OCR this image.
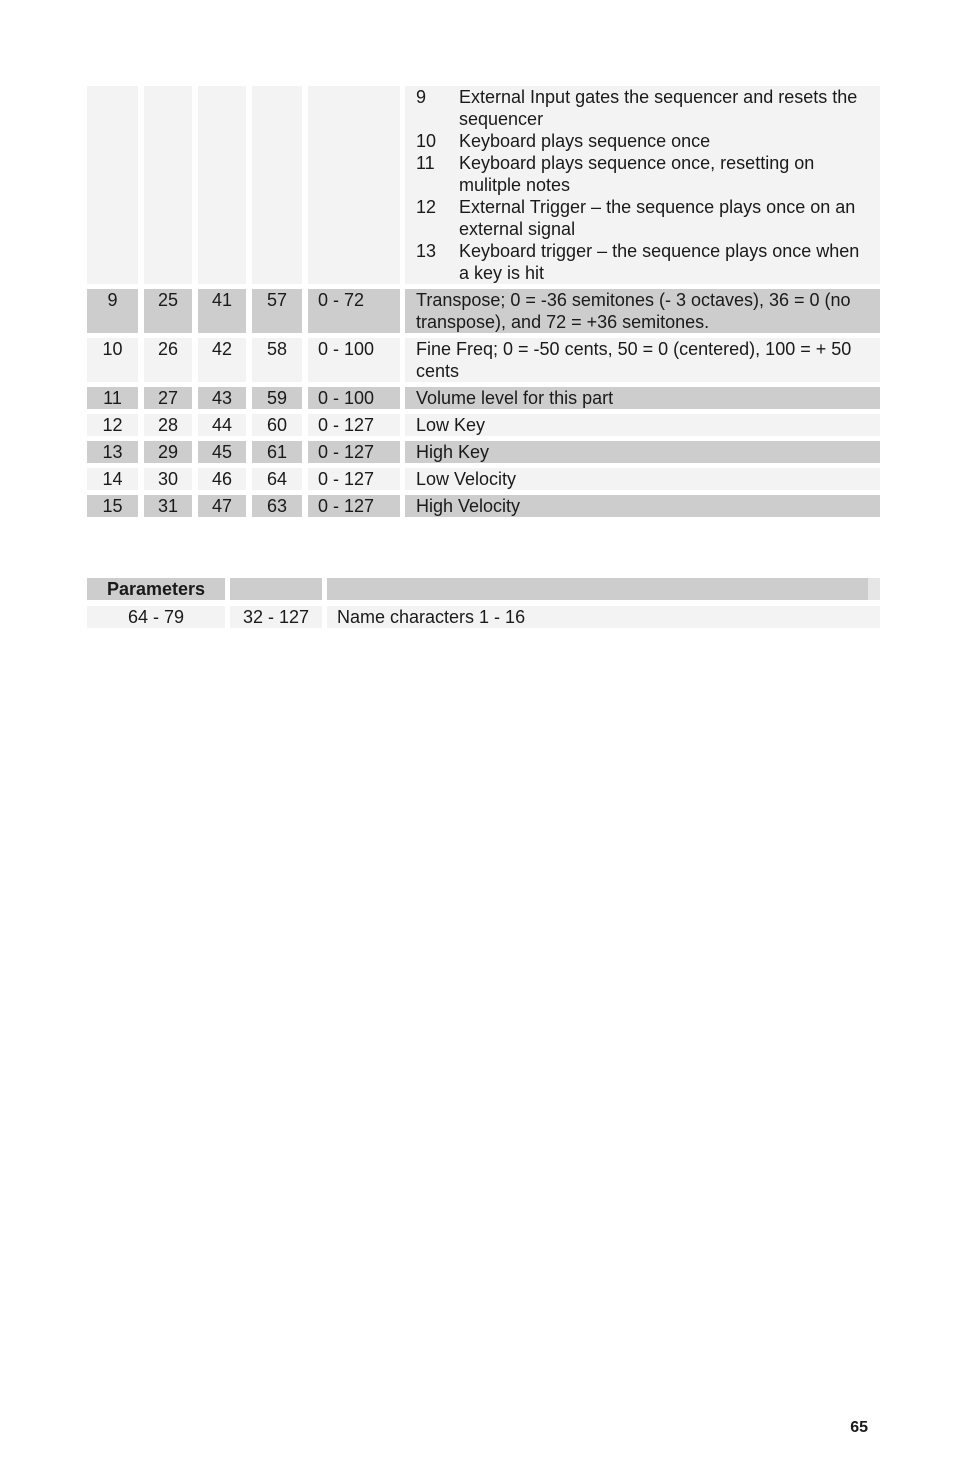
9	External Input gates the sequencer and resets the sequencer
10	Keyboard plays sequence once
11	Keyboard plays sequence once, resetting on mulitple notes
12	External Trigger – the sequence plays once on an external signal
13	Keyboard trigger – the sequence plays once when a key is hit
9	25	41	57	0 - 72	Transpose; 0 = -36 semitones (- 3 octaves), 36 = 0 (no transpose), and 72 = +36 semitones.
10	26	42	58	0 - 100	Fine Freq; 0 = -50 cents, 50 = 0 (centered), 100 = + 50 cents
11	27	43	59	0 - 100	Volume level for this part
12	28	44	60	0 - 127	Low Key
13	29	45	61	0 - 127	High Key
14	30	46	64	0 - 127	Low Velocity
15	31	47	63	0 - 127	High Velocity
Parameters

64 - 79	32 - 127	Name characters 1 - 16
65
